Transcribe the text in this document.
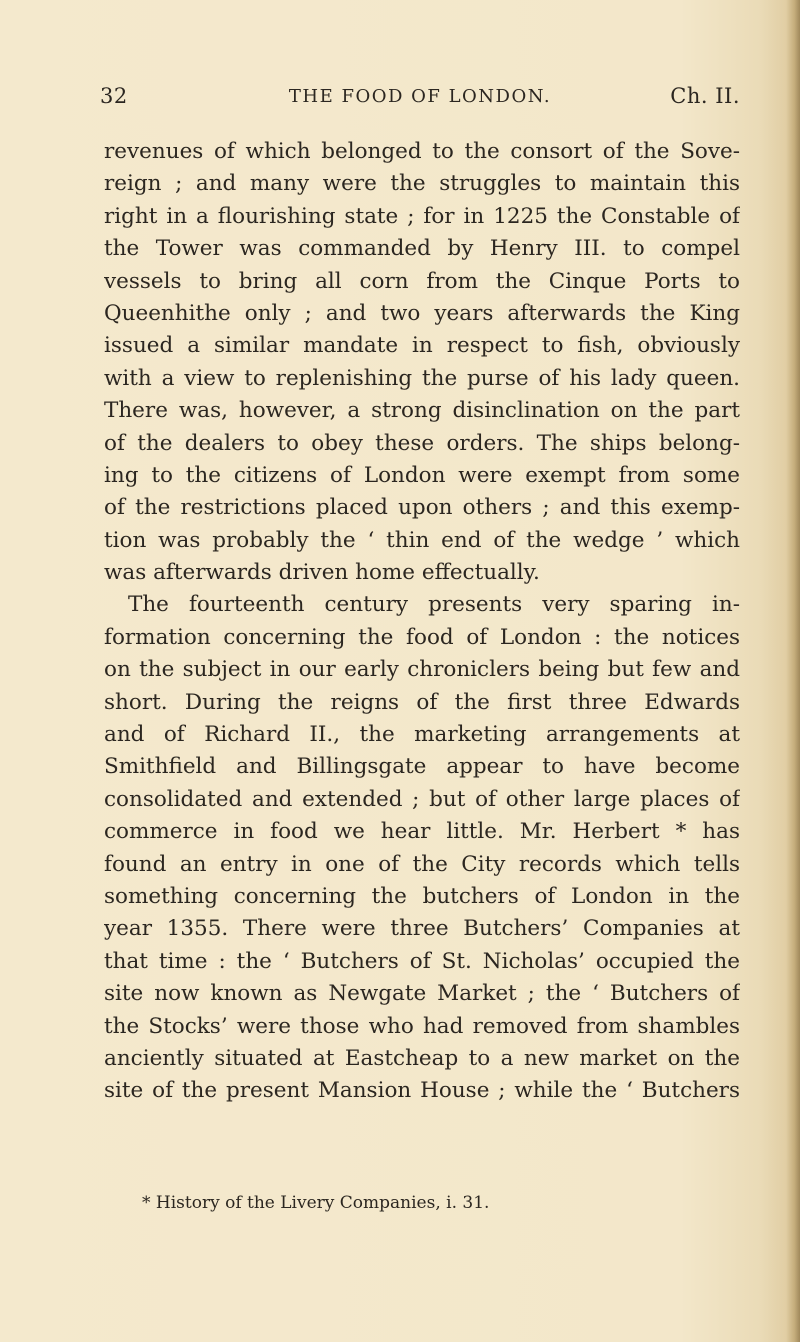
32	THE FOOD OF LONDON.	Ch. II.
revenues of which belonged to the consort of the Sove-
reign ; and many were the struggles to maintain this
right in a flourishing state ; for in 1225 the Constable of
the Tower was commanded by Henry III. to compel
vessels to bring all corn from the Cinque Ports to
Queenhithe only ; and two years afterwards the King
issued a similar mandate in respect to fish, obviously
with a view to replenishing the purse of his lady queen.
There was, however, a strong disinclination on the part
of the dealers to obey these orders. The ships belong-
ing to the citizens of London were exempt from some
of the restrictions placed upon others ; and this exemp-
tion was probably the ‘ thin end of the wedge ’ which
was afterwards driven home effectually.
The fourteenth century presents very sparing in-
formation concerning the food of London : the notices
on the subject in our early chroniclers being but few and
short. During the reigns of the first three Edwards
and of Richard II., the marketing arrangements at
Smithfield and Billingsgate appear to have become
consolidated and extended ; but of other large places of
commerce in food we hear little. Mr. Herbert * has
found an entry in one of the City records which tells
something concerning the butchers of London in the
year 1355. There were three Butchers’ Companies at
that time : the ‘ Butchers of St. Nicholas’ occupied the
site now known as Newgate Market ; the ‘ Butchers of
the Stocks’ were those who had removed from shambles
anciently situated at Eastcheap to a new market on the
site of the present Mansion House ; while the ‘ Butchers
* History of the Livery Companies, i. 31.
